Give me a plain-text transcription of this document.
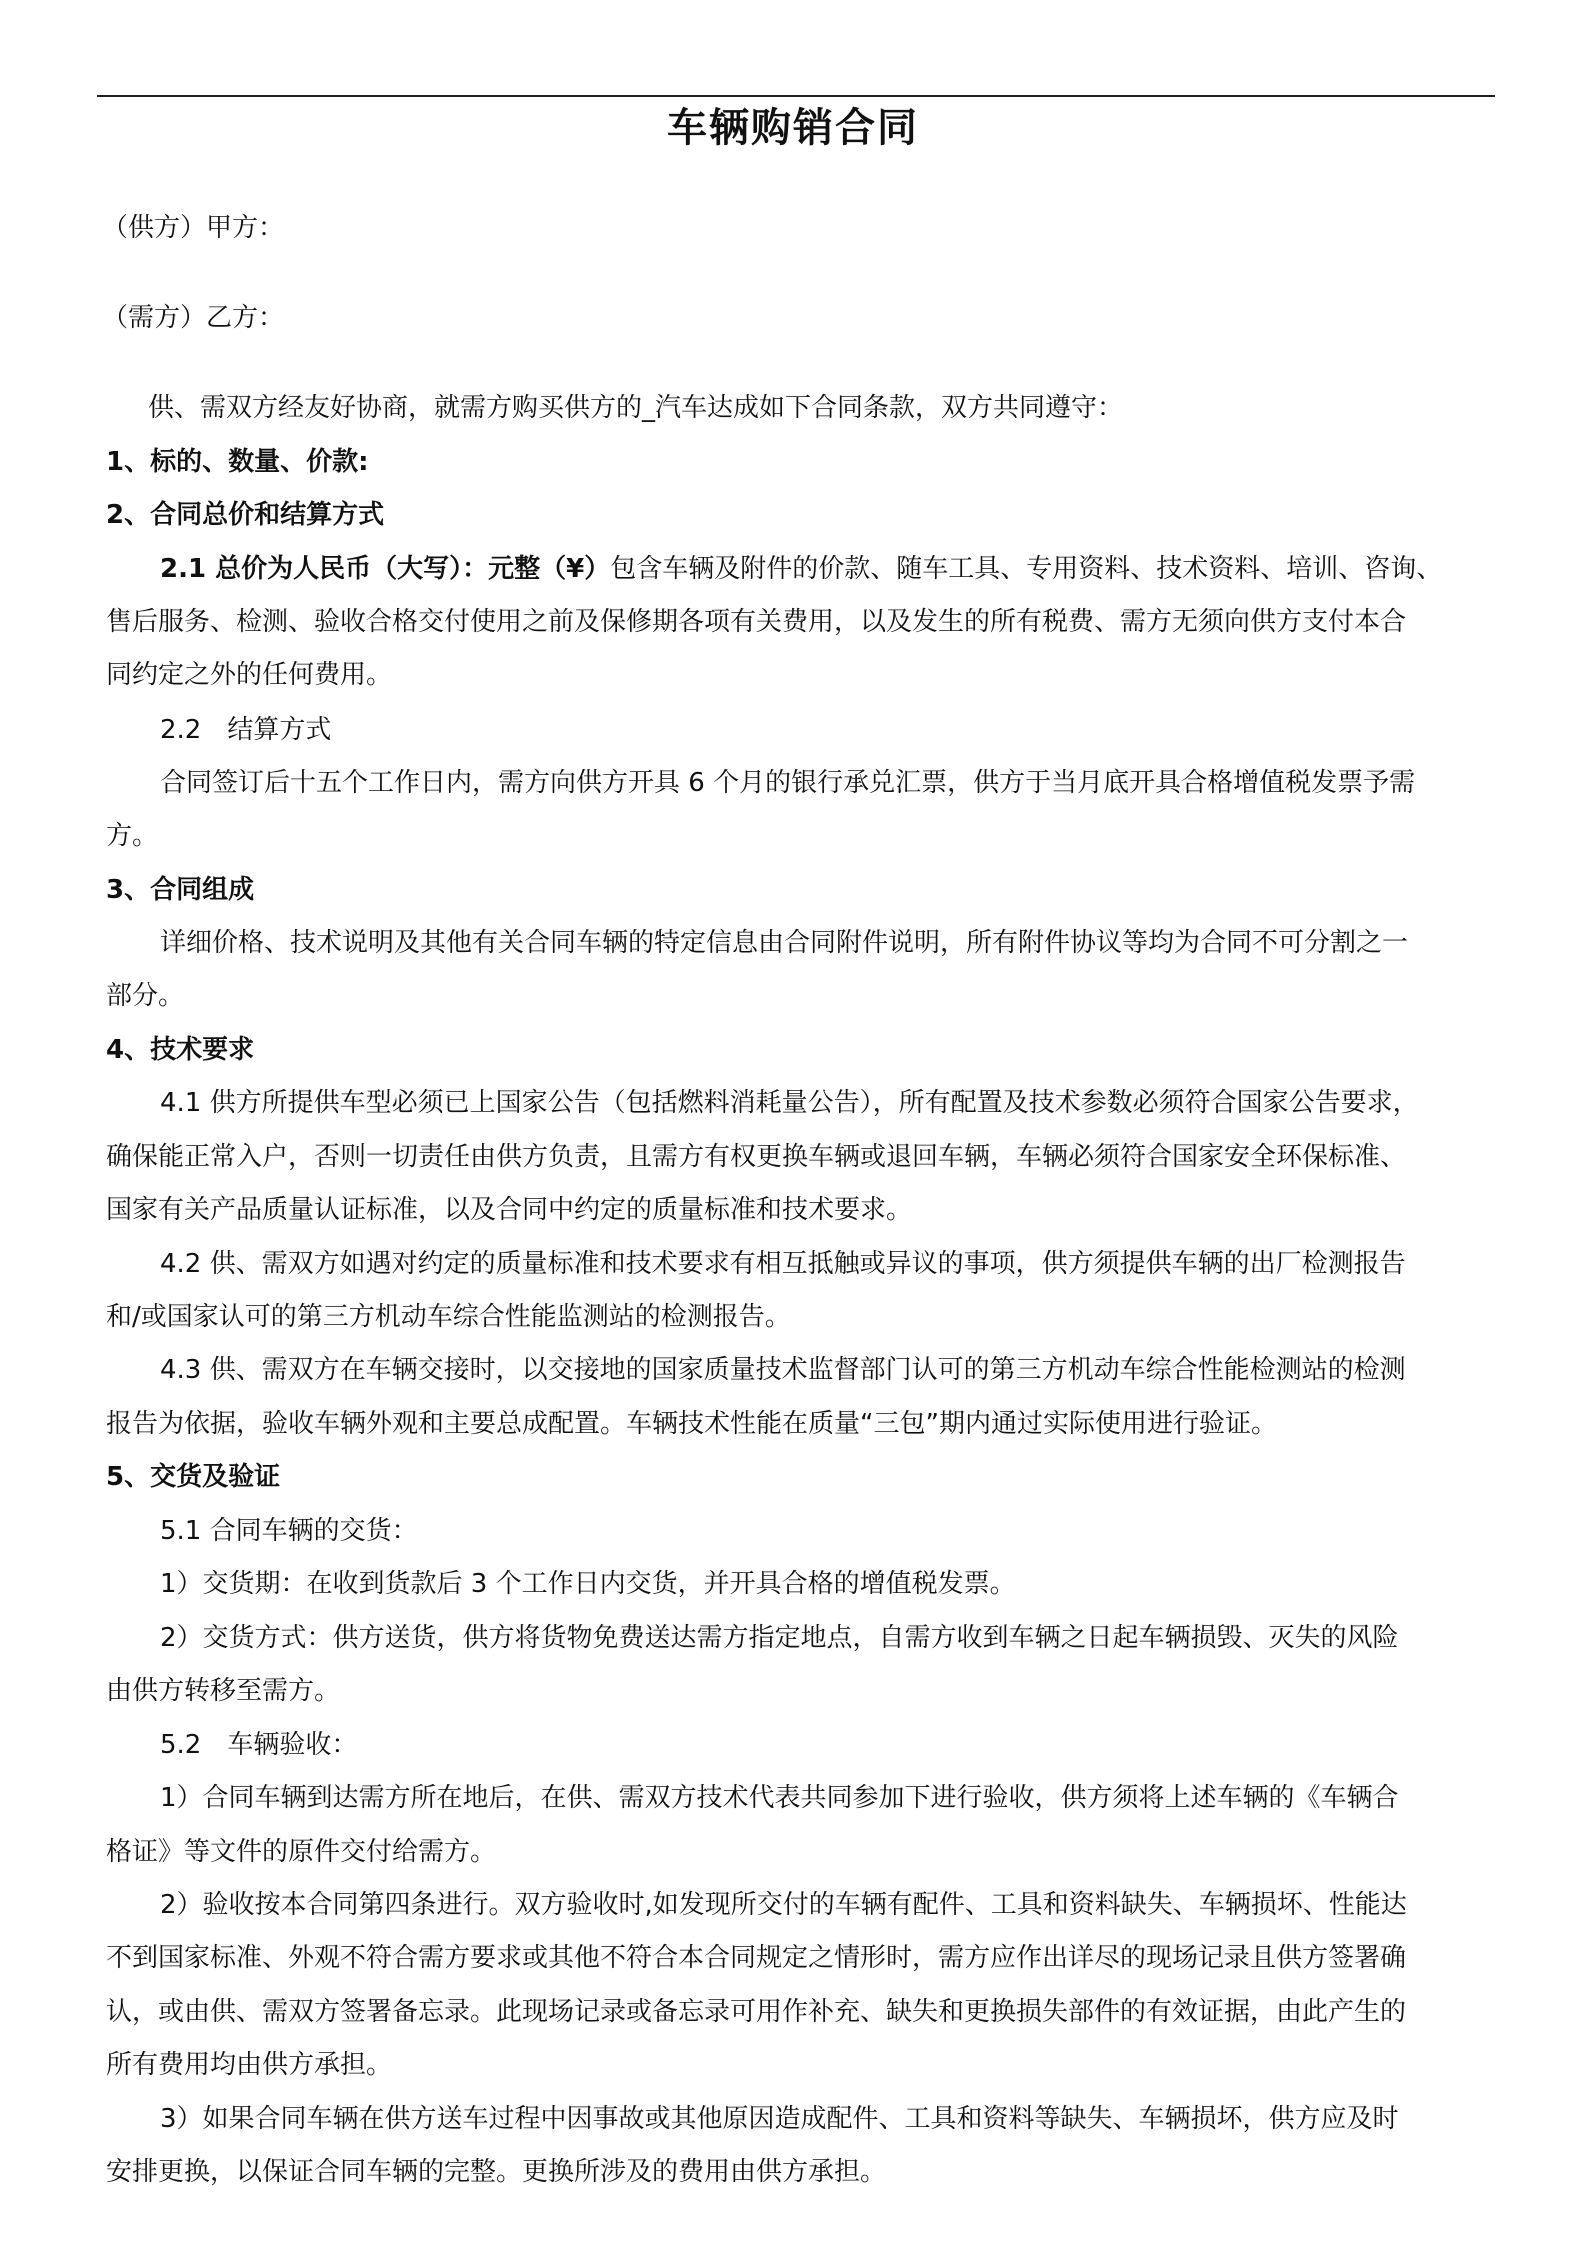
车辆购销合同
（供方）甲方：
（需方）乙方：
供、需双方经友好协商，就需方购买供方的_汽车达成如下合同条款，双方共同遵守：
1、标的、数量、价款:
2、合同总价和结算方式
2.1 总价为人民币（大写）：元整（¥）包含车辆及附件的价款、随车工具、专用资料、技术资料、培训、咨询、
售后服务、检测、验收合格交付使用之前及保修期各项有关费用，以及发生的所有税费、需方无须向供方支付本合
同约定之外的任何费用。
2.2　结算方式
合同签订后十五个工作日内，需方向供方开具 6 个月的银行承兑汇票，供方于当月底开具合格增值税发票予需
方。
3、合同组成
详细价格、技术说明及其他有关合同车辆的特定信息由合同附件说明，所有附件协议等均为合同不可分割之一
部分。
4、技术要求
4.1 供方所提供车型必须已上国家公告（包括燃料消耗量公告），所有配置及技术参数必须符合国家公告要求，
确保能正常入户，否则一切责任由供方负责，且需方有权更换车辆或退回车辆，车辆必须符合国家安全环保标准、
国家有关产品质量认证标准，以及合同中约定的质量标准和技术要求。
4.2 供、需双方如遇对约定的质量标准和技术要求有相互抵触或异议的事项，供方须提供车辆的出厂检测报告
和/或国家认可的第三方机动车综合性能监测站的检测报告。
4.3 供、需双方在车辆交接时，以交接地的国家质量技术监督部门认可的第三方机动车综合性能检测站的检测
报告为依据，验收车辆外观和主要总成配置。车辆技术性能在质量“三包”期内通过实际使用进行验证。
5、交货及验证
5.1 合同车辆的交货：
1）交货期：在收到货款后 3 个工作日内交货，并开具合格的增值税发票。
2）交货方式：供方送货，供方将货物免费送达需方指定地点，自需方收到车辆之日起车辆损毁、灭失的风险
由供方转移至需方。
5.2　车辆验收：
1）合同车辆到达需方所在地后，在供、需双方技术代表共同参加下进行验收，供方须将上述车辆的《车辆合
格证》等文件的原件交付给需方。
2）验收按本合同第四条进行。双方验收时,如发现所交付的车辆有配件、工具和资料缺失、车辆损坏、性能达
不到国家标准、外观不符合需方要求或其他不符合本合同规定之情形时，需方应作出详尽的现场记录且供方签署确
认，或由供、需双方签署备忘录。此现场记录或备忘录可用作补充、缺失和更换损失部件的有效证据，由此产生的
所有费用均由供方承担。
3）如果合同车辆在供方送车过程中因事故或其他原因造成配件、工具和资料等缺失、车辆损坏，供方应及时
安排更换，以保证合同车辆的完整。更换所涉及的费用由供方承担。
